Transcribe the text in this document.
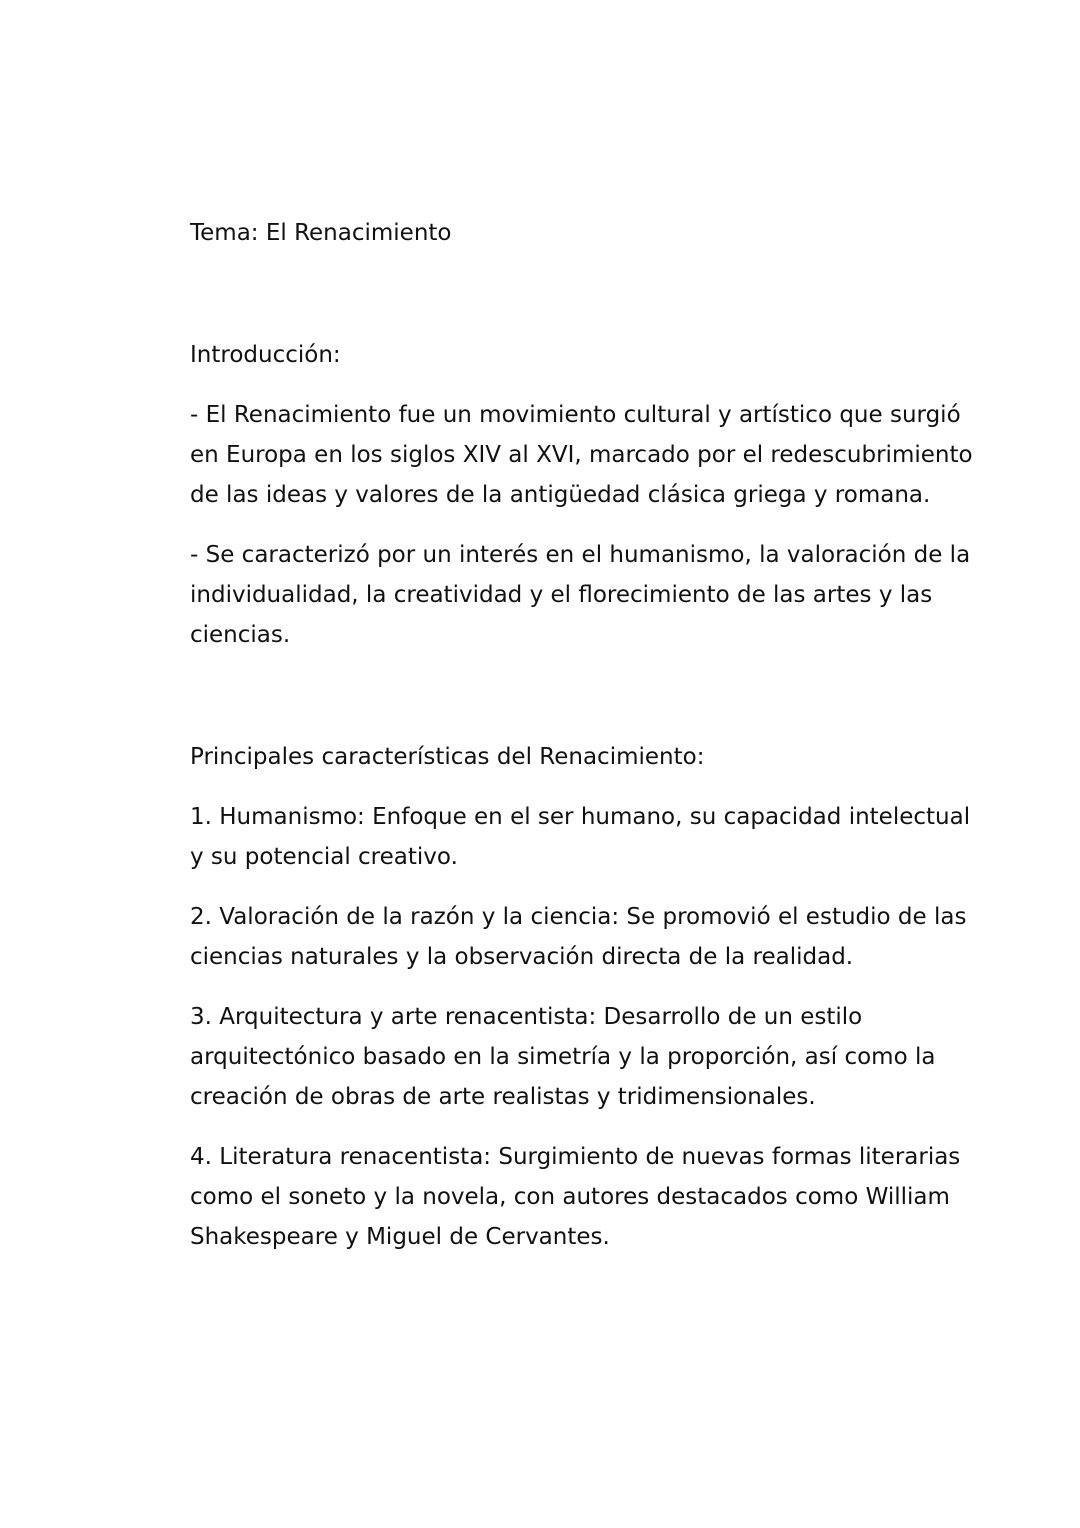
Tema: El Renacimiento

Introducción:

- El Renacimiento fue un movimiento cultural y artístico que surgió en Europa en los siglos XIV al XVI, marcado por el redescubrimiento de las ideas y valores de la antigüedad clásica griega y romana.

- Se caracterizó por un interés en el humanismo, la valoración de la individualidad, la creatividad y el florecimiento de las artes y las ciencias.

Principales características del Renacimiento:

1. Humanismo: Enfoque en el ser humano, su capacidad intelectual y su potencial creativo.

2. Valoración de la razón y la ciencia: Se promovió el estudio de las ciencias naturales y la observación directa de la realidad.

3. Arquitectura y arte renacentista: Desarrollo de un estilo arquitectónico basado en la simetría y la proporción, así como la creación de obras de arte realistas y tridimensionales.

4. Literatura renacentista: Surgimiento de nuevas formas literarias como el soneto y la novela, con autores destacados como William Shakespeare y Miguel de Cervantes.
